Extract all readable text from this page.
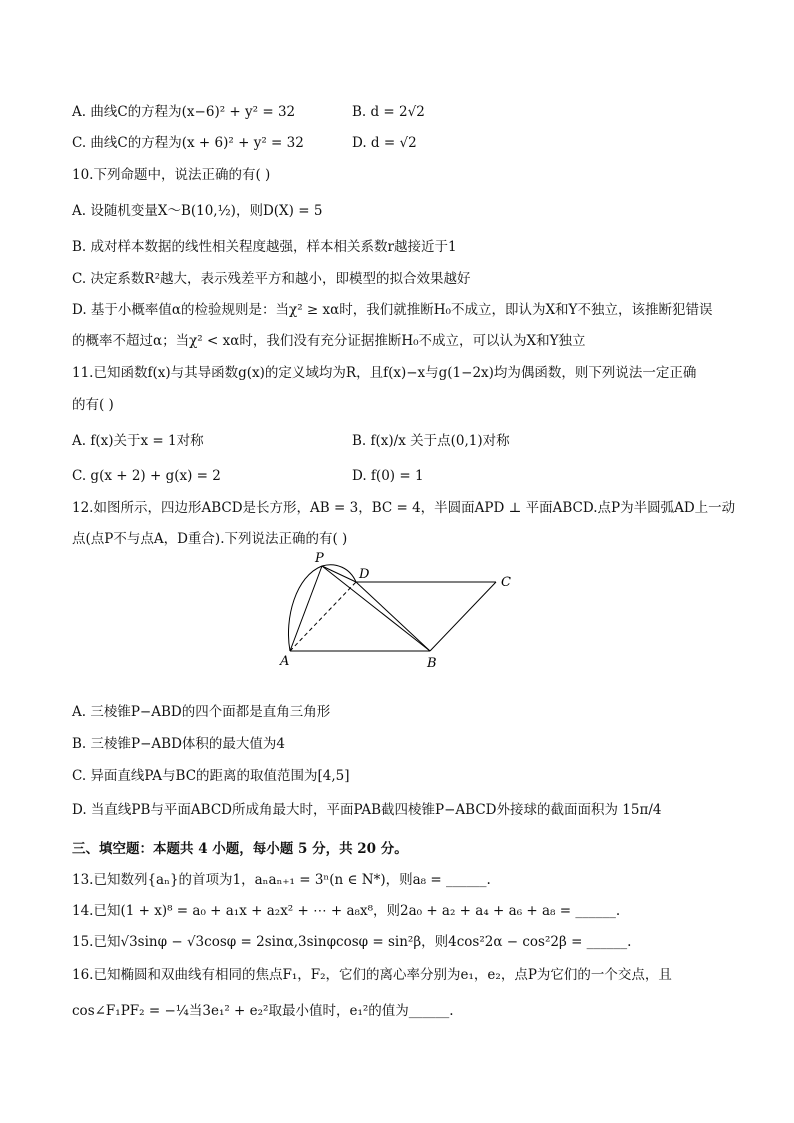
A. 曲线C的方程为(x−6)² + y² = 32	B. d = 2√2
C. 曲线C的方程为(x + 6)² + y² = 32	D. d = √2
10.下列命题中，说法正确的有( )
A. 设随机变量X～B(10,½)，则D(X) = 5
B. 成对样本数据的线性相关程度越强，样本相关系数r越接近于1
C. 决定系数R²越大，表示残差平方和越小，即模型的拟合效果越好
D. 基于小概率值α的检验规则是：当χ² ≥ xα时，我们就推断H₀不成立，即认为X和Y不独立，该推断犯错误
的概率不超过α；当χ² < xα时，我们没有充分证据推断H₀不成立，可以认为X和Y独立
11.已知函数f(x)与其导函数g(x)的定义域均为R，且f(x)−x与g(1−2x)均为偶函数，则下列说法一定正确
的有( )
A. f(x)关于x = 1对称	B. f(x)/x 关于点(0,1)对称
C. g(x + 2) + g(x) = 2	D. f(0) = 1
12.如图所示，四边形ABCD是长方形，AB = 3，BC = 4，半圆面APD ⊥ 平面ABCD.点P为半圆弧AD上一动
点(点P不与点A，D重合).下列说法正确的有( )
P
D
C
A	B
A. 三棱锥P−ABD的四个面都是直角三角形
B. 三棱锥P−ABD体积的最大值为4
C. 异面直线PA与BC的距离的取值范围为[4,5]
D. 当直线PB与平面ABCD所成角最大时，平面PAB截四棱锥P−ABCD外接球的截面面积为 15π/4
三、填空题：本题共 4 小题，每小题 5 分，共 20 分。
13.已知数列{aₙ}的首项为1，aₙaₙ₊₁ = 3ⁿ(n ∈ N*)，则a₈ = ______.
14.已知(1 + x)⁸ = a₀ + a₁x + a₂x² + ⋯ + a₈x⁸，则2a₀ + a₂ + a₄ + a₆ + a₈ = ______.
15.已知√3sinφ − √3cosφ = 2sinα,3sinφcosφ = sin²β，则4cos²2α − cos²2β = ______.
16.已知椭圆和双曲线有相同的焦点F₁，F₂，它们的离心率分别为e₁，e₂，点P为它们的一个交点，且
cos∠F₁PF₂ = −¼当3e₁² + e₂²取最小值时，e₁²的值为______.
